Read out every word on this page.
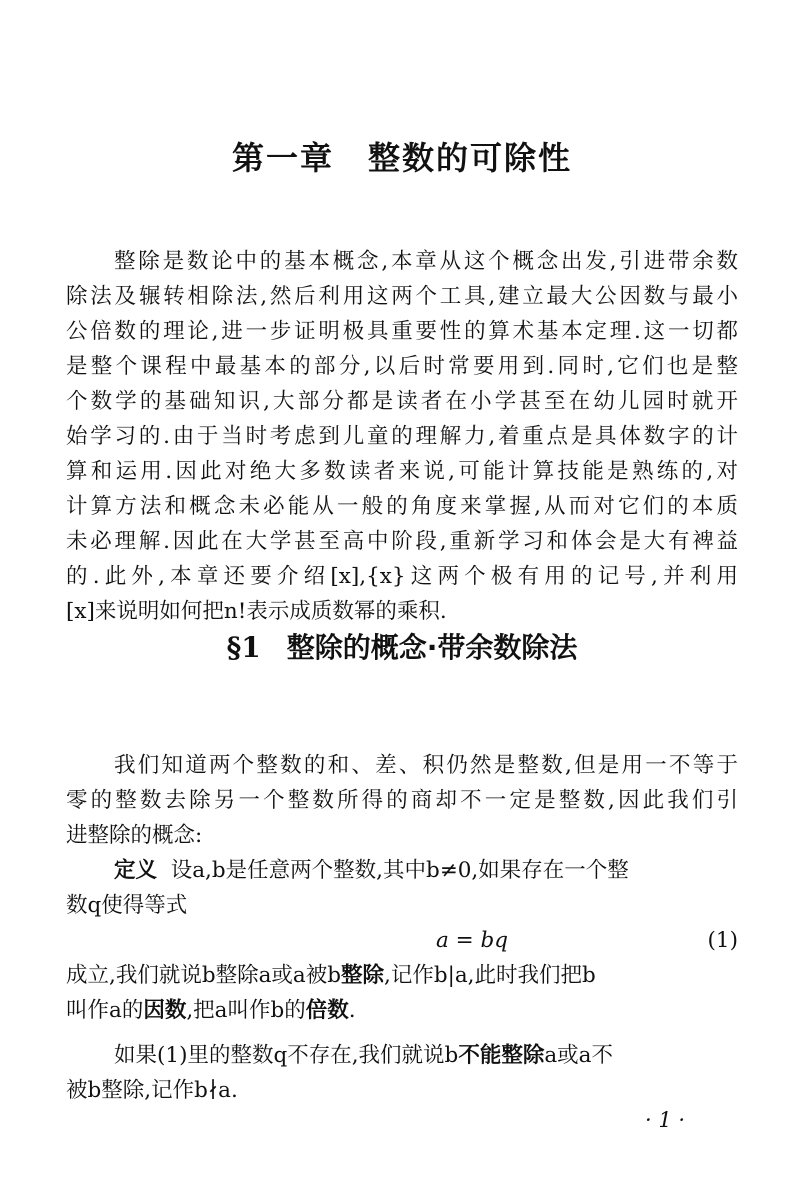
第一章　整数的可除性
整除是数论中的基本概念,本章从这个概念出发,引进带余数
除法及辗转相除法,然后利用这两个工具,建立最大公因数与最小
公倍数的理论,进一步证明极具重要性的算术基本定理.这一切都
是整个课程中最基本的部分,以后时常要用到.同时,它们也是整
个数学的基础知识,大部分都是读者在小学甚至在幼儿园时就开
始学习的.由于当时考虑到儿童的理解力,着重点是具体数字的计
算和运用.因此对绝大多数读者来说,可能计算技能是熟练的,对
计算方法和概念未必能从一般的角度来掌握,从而对它们的本质
未必理解.因此在大学甚至高中阶段,重新学习和体会是大有裨益
的.此外,本章还要介绍[x],{x}这两个极有用的记号,并利用
[x]来说明如何把n!表示成质数幂的乘积.
§1 整除的概念·带余数除法
我们知道两个整数的和、差、积仍然是整数,但是用一不等于
零的整数去除另一个整数所得的商却不一定是整数,因此我们引
进整除的概念:
定义 设a,b是任意两个整数,其中b≠0,如果存在一个整
数q使得等式
a = bq	(1)
成立,我们就说b整除a或a被b整除,记作b|a,此时我们把b
叫作a的因数,把a叫作b的倍数.
如果(1)里的整数q不存在,我们就说b不能整除a或a不
被b整除,记作b∤a.
· 1 ·
